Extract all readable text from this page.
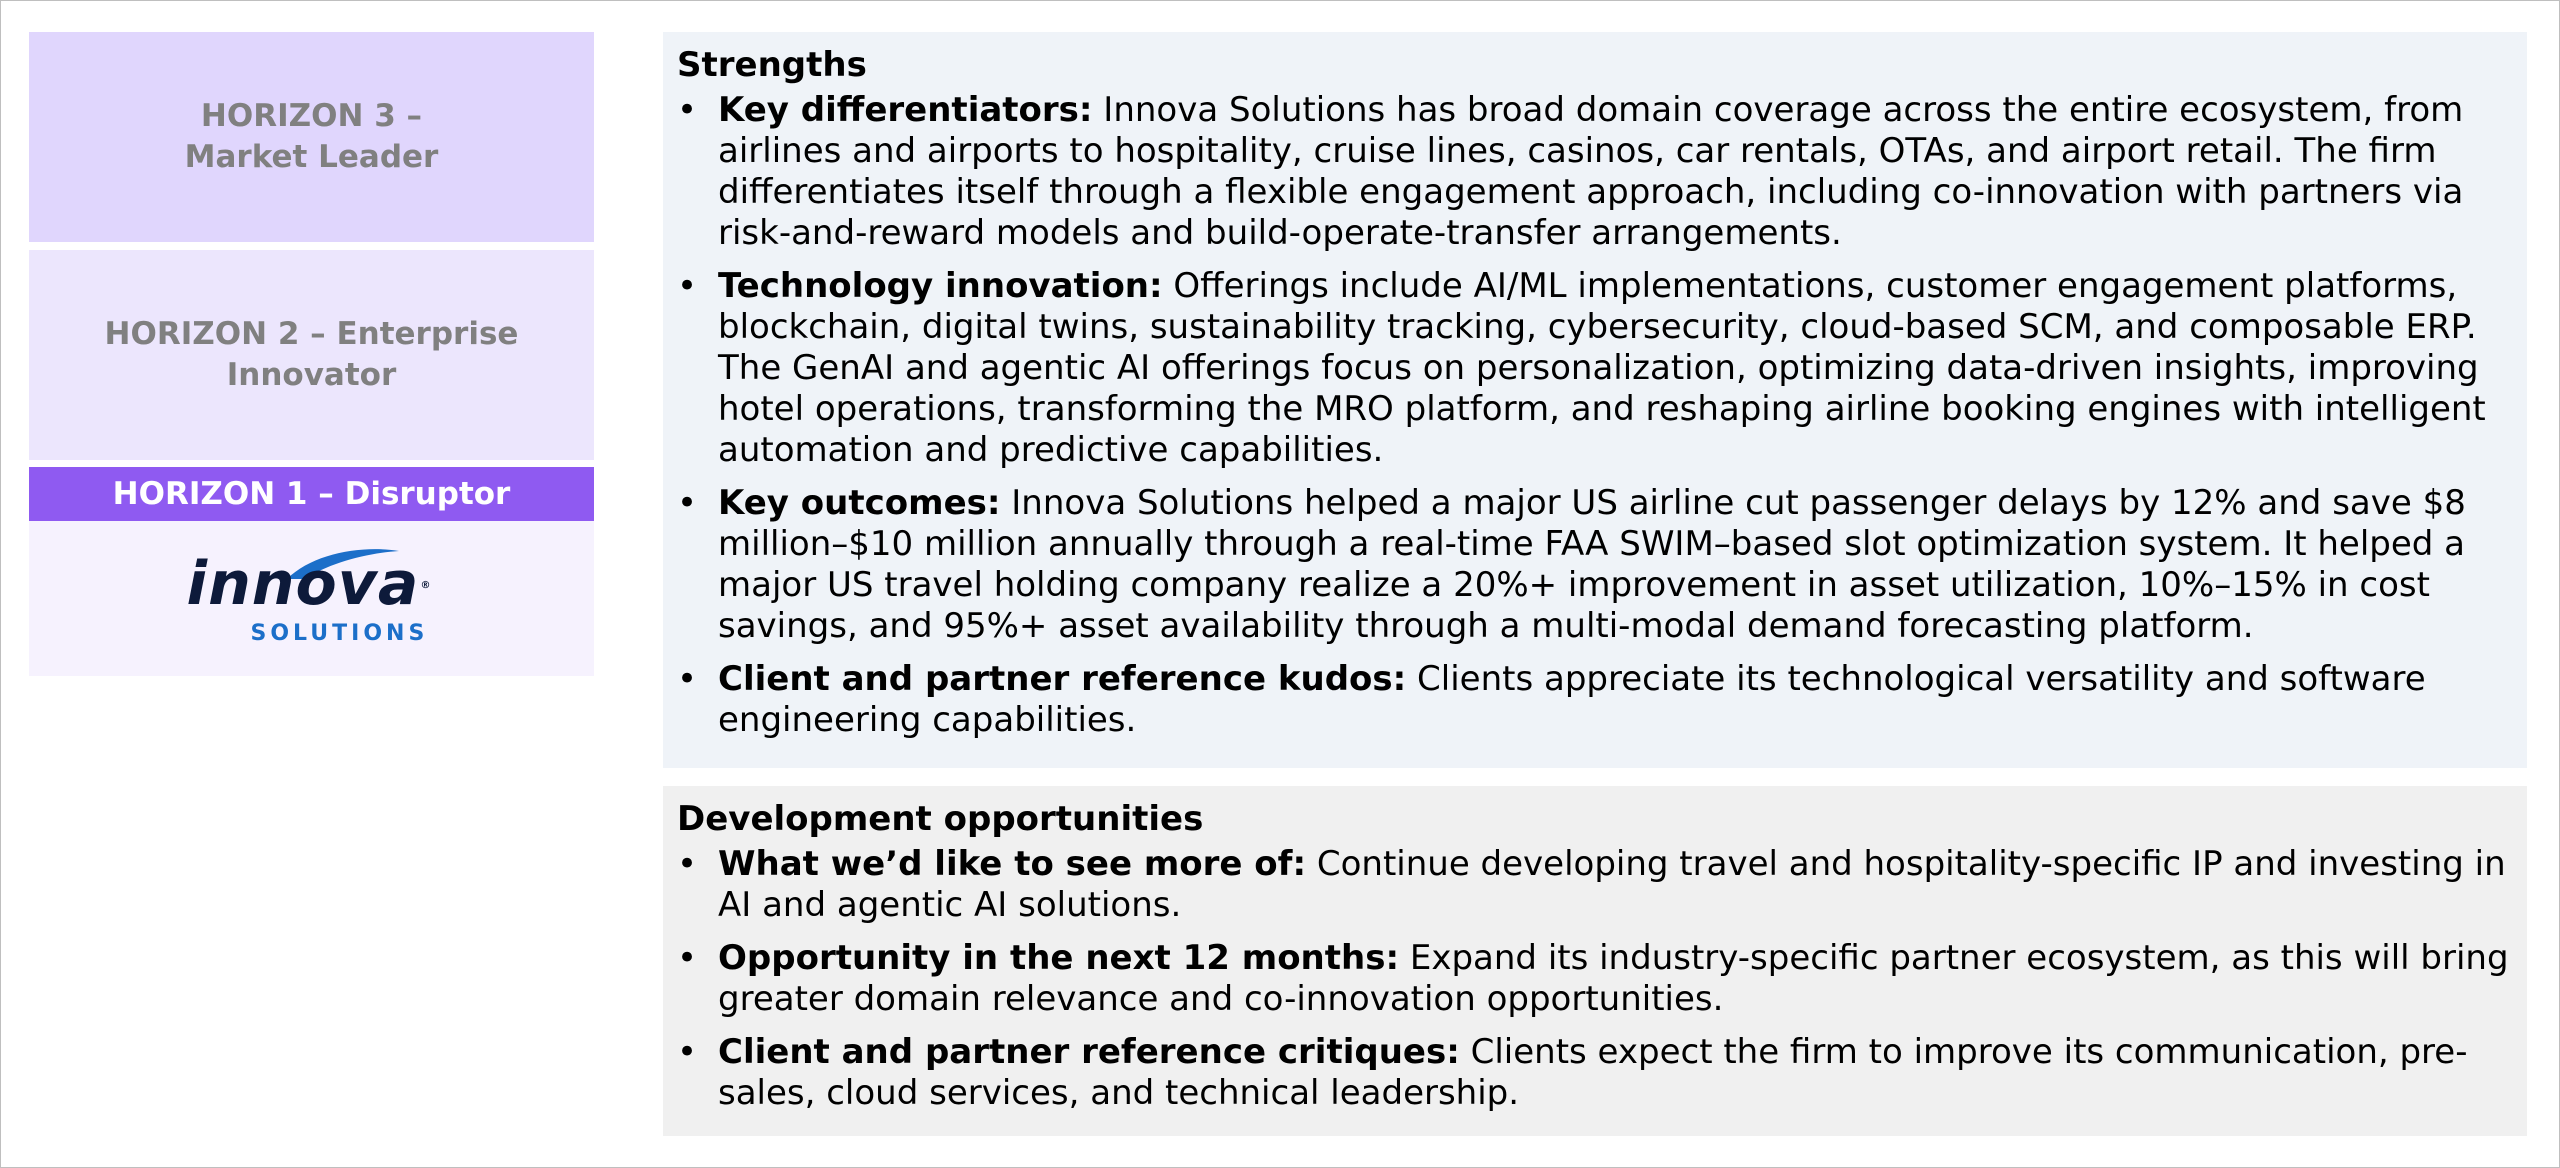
HORIZON 3 –
Market Leader
HORIZON 2 – Enterprise
Innovator
HORIZON 1 – Disruptor
innova ®
SOLUTIONS
Strengths
• Key differentiators: Innova Solutions has broad domain coverage across the entire ecosystem, from airlines and airports to hospitality, cruise lines, casinos, car rentals, OTAs, and airport retail. The firm differentiates itself through a flexible engagement approach, including co-innovation with partners via risk-and-reward models and build-operate-transfer arrangements.
• Technology innovation: Offerings include AI/ML implementations, customer engagement platforms, blockchain, digital twins, sustainability tracking, cybersecurity, cloud-based SCM, and composable ERP. The GenAI and agentic AI offerings focus on personalization, optimizing data-driven insights, improving hotel operations, transforming the MRO platform, and reshaping airline booking engines with intelligent automation and predictive capabilities.
• Key outcomes: Innova Solutions helped a major US airline cut passenger delays by 12% and save $8 million–$10 million annually through a real-time FAA SWIM–based slot optimization system. It helped a major US travel holding company realize a 20%+ improvement in asset utilization, 10%–15% in cost savings, and 95%+ asset availability through a multi-modal demand forecasting platform.
• Client and partner reference kudos: Clients appreciate its technological versatility and software engineering capabilities.
Development opportunities
• What we’d like to see more of: Continue developing travel and hospitality-specific IP and investing in AI and agentic AI solutions.
• Opportunity in the next 12 months: Expand its industry-specific partner ecosystem, as this will bring greater domain relevance and co-innovation opportunities.
• Client and partner reference critiques: Clients expect the firm to improve its communication, pre-sales, cloud services, and technical leadership.
